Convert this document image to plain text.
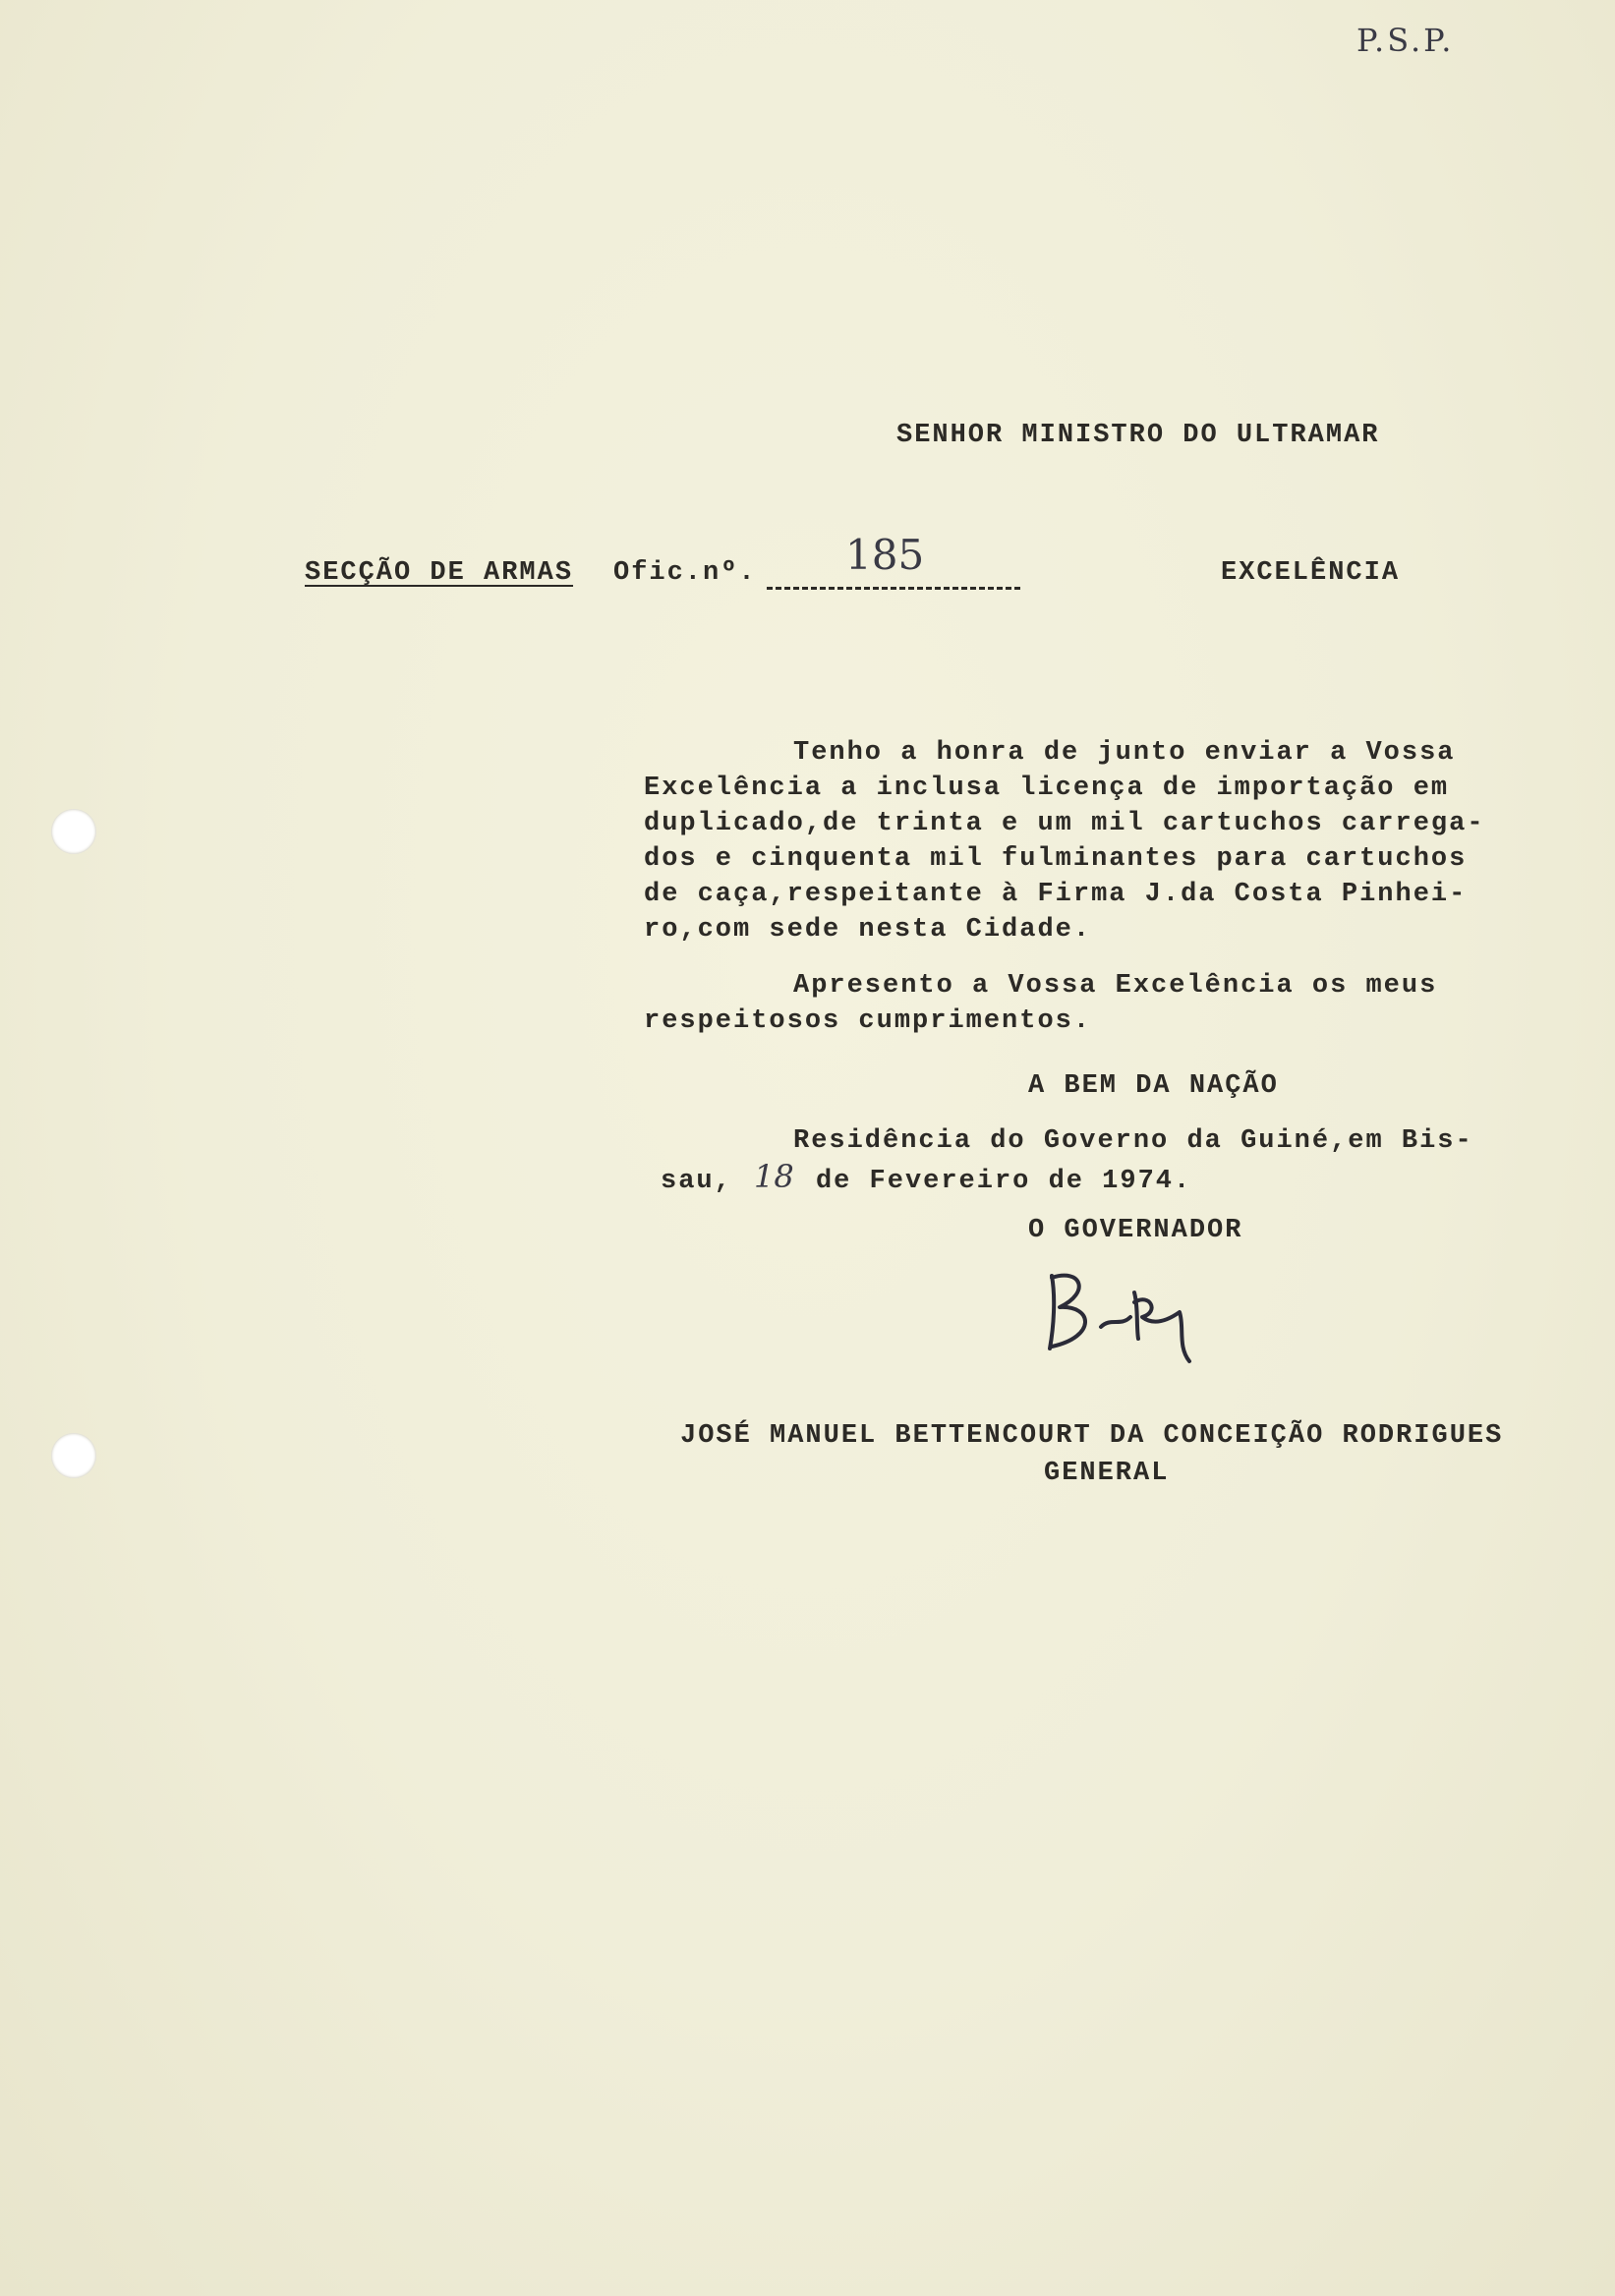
P.S.P.
SENHOR MINISTRO DO ULTRAMAR
SECÇÃO DE ARMAS Ofic.nº. 185	EXCELÊNCIA
Tenho a honra de junto enviar a Vossa
Excelência a inclusa licença de importação em
duplicado,de trinta e um mil cartuchos carrega-
dos e cinquenta mil fulminantes para cartuchos
de caça,respeitante à Firma J.da Costa Pinhei-
ro,com sede nesta Cidade.
Apresento a Vossa Excelência os meus
respeitosos cumprimentos.
A BEM DA NAÇÃO
Residência do Governo da Guiné,em Bis-
sau, 18 de Fevereiro de 1974.
O GOVERNADOR
JOSÉ MANUEL BETTENCOURT DA CONCEIÇÃO RODRIGUES
GENERAL
